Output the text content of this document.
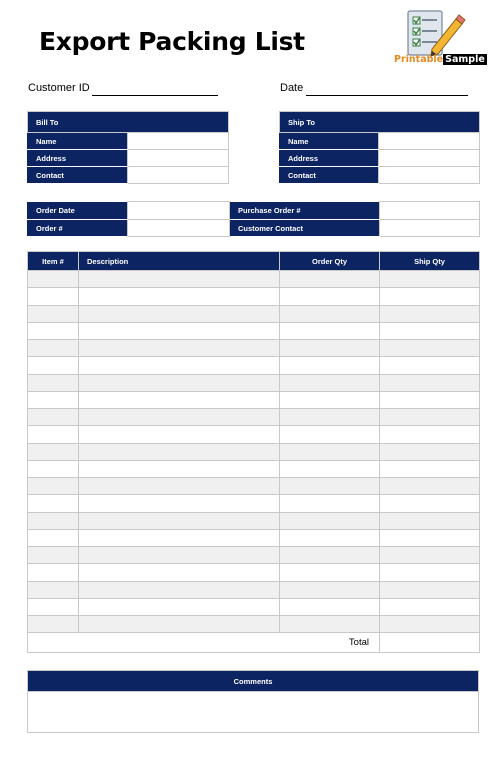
Export Packing List
Printable Sample
Customer ID	Date
Bill To	
Name	
Address	
Contact	
Ship To	
Name	
Address	
Contact	
Order Date		Purchase Order #	
Order #		Customer Contact	
Item #	Description	Order Qty	Ship Qty

Total			
Comments
